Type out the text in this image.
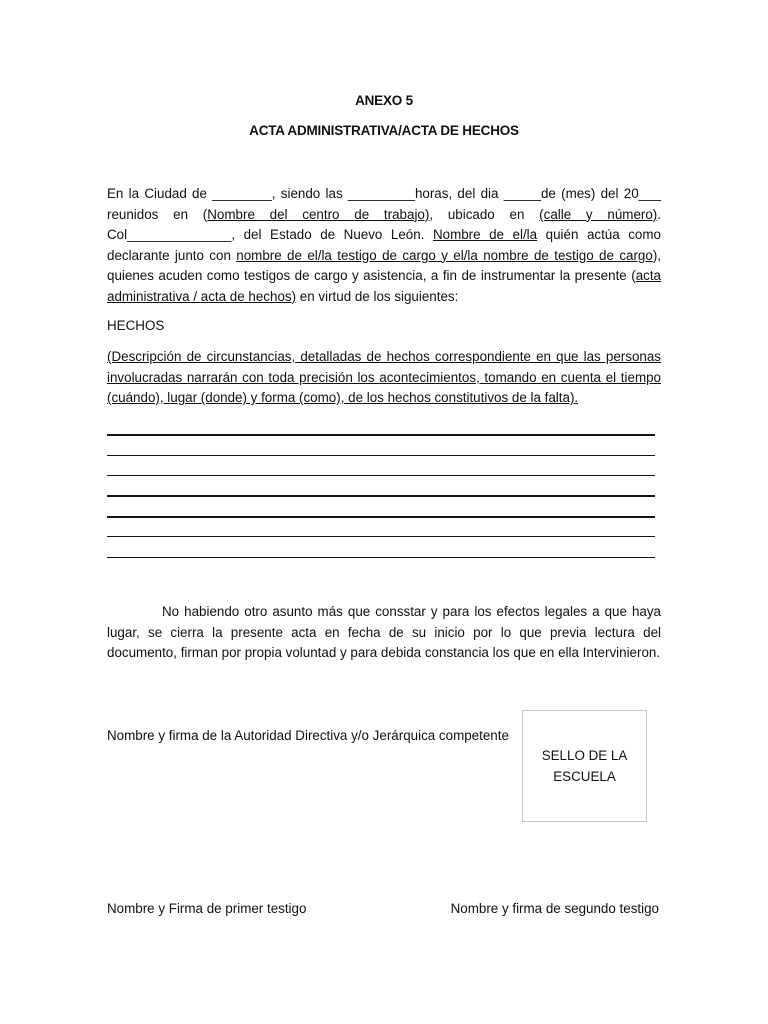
ANEXO 5
ACTA ADMINISTRATIVA/ACTA DE HECHOS
En la Ciudad de ________, siendo las _________horas, del dia _____de (mes) del 20___ reunidos en (Nombre del centro de trabajo), ubicado en (calle y número). Col______________, del Estado de Nuevo León. Nombre de el/la quién actúa como declarante junto con nombre de el/la testigo de cargo y el/la nombre de testigo de cargo), quienes acuden como testigos de cargo y asistencia, a fin de instrumentar la presente (acta administrativa / acta de hechos) en virtud de los siguientes:
HECHOS
(Descripción de circunstancias, detalladas de hechos correspondiente en que las personas involucradas narrarán con toda precisión los acontecimientos, tomando en cuenta el tiempo (cuándo), lugar (donde) y forma (como), de los hechos constitutivos de la falta).
No habiendo otro asunto más que consstar y para los efectos legales a que haya lugar, se cierra la presente acta en fecha de su inicio por lo que previa lectura del documento, firman por propia voluntad y para debida constancia los que en ella Intervinieron.
Nombre y firma de la Autoridad Directiva y/o Jerárquica competente
SELLO DE LA ESCUELA
Nombre y Firma de primer testigo	Nombre y firma de segundo testigo
